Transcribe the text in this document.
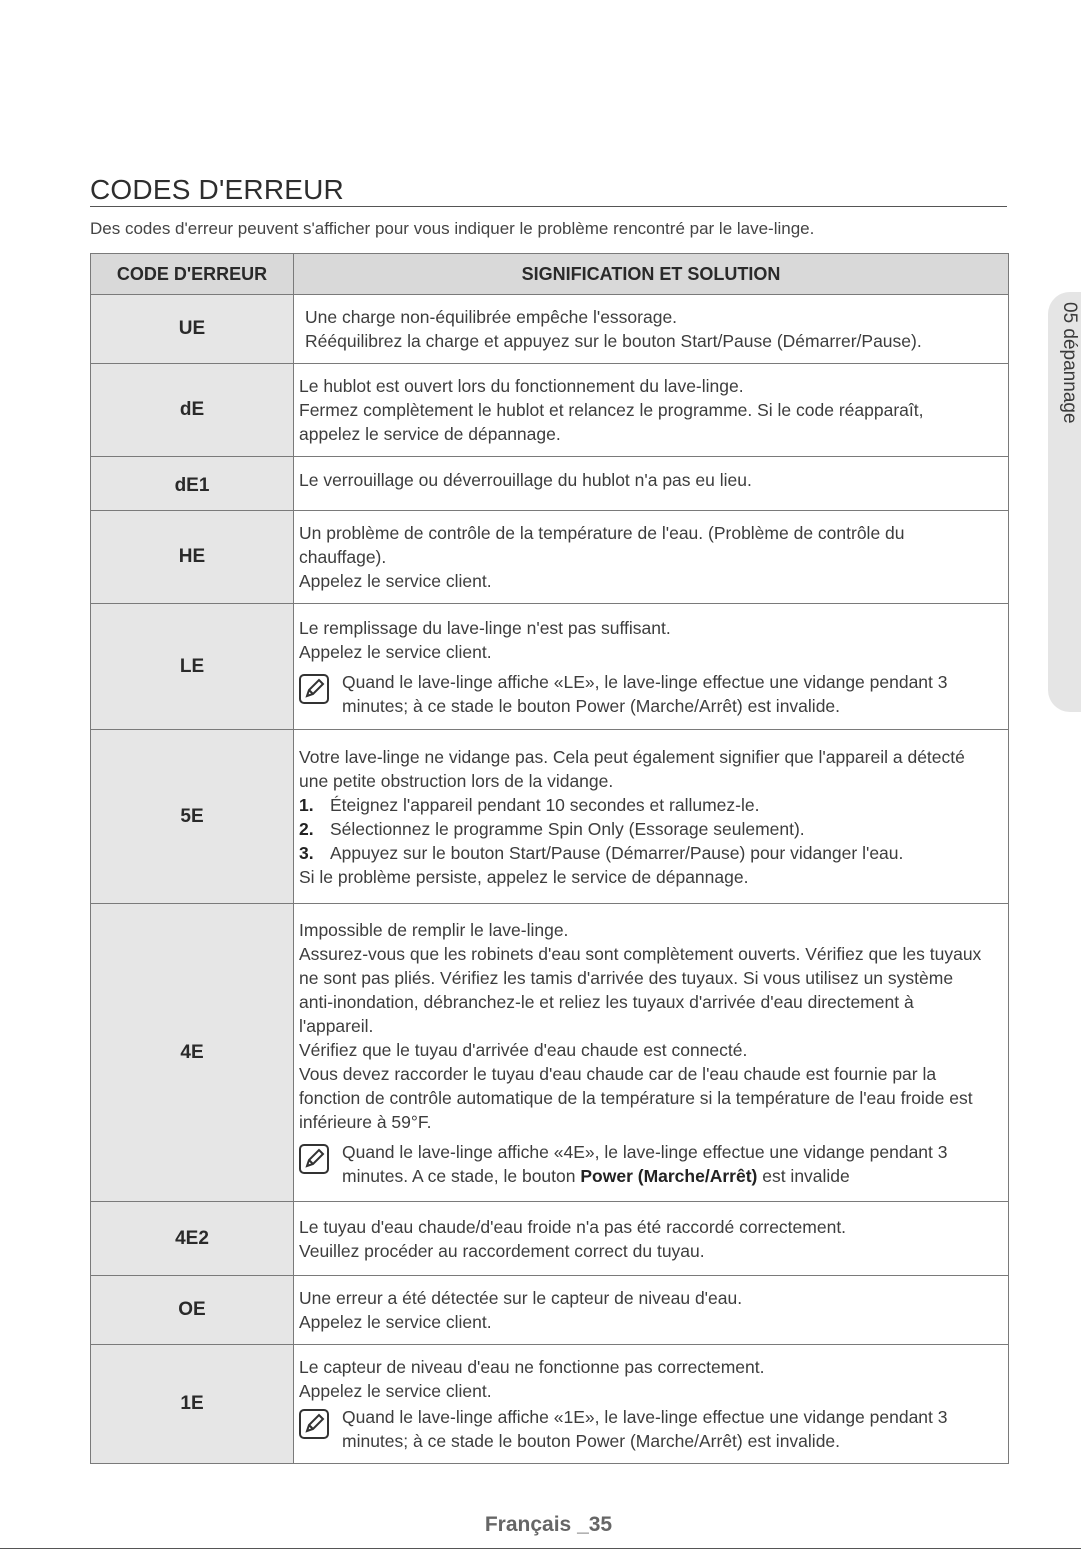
CODES D'ERREUR
Des codes d'erreur peuvent s'afficher pour vous indiquer le problème rencontré par le lave-linge.
CODE D'ERREUR	SIGNIFICATION ET SOLUTION
UE	Une charge non-équilibrée empêche l'essorage.

Rééquilibrez la charge et appuyez sur le bouton Start/Pause (Démarrer/Pause).

dE	Le hublot est ouvert lors du fonctionnement du lave-linge.

Fermez complètement le hublot et relancez le programme. Si le code réapparaît, appelez le service de dépannage.

dE1	Le verrouillage ou déverrouillage du hublot n'a pas eu lieu.

HE	Un problème de contrôle de la température de l'eau. (Problème de contrôle du chauffage).

Appelez le service client.

LE	Le remplissage du lave-linge n'est pas suffisant.

Appelez le service client.

Quand le lave-linge affiche «LE», le lave-linge effectue une vidange pendant 3 minutes; à ce stade le bouton Power (Marche/Arrêt) est invalide.

5E	Votre lave-linge ne vidange pas. Cela peut également signifier que l'appareil a détecté une petite obstruction lors de la vidange.

1. Éteignez l'appareil pendant 10 secondes et rallumez-le.

2. Sélectionnez le programme Spin Only (Essorage seulement).

3. Appuyez sur le bouton Start/Pause (Démarrer/Pause) pour vidanger l'eau.

Si le problème persiste, appelez le service de dépannage.

4E	Impossible de remplir le lave-linge.

Assurez-vous que les robinets d'eau sont complètement ouverts. Vérifiez que les tuyaux ne sont pas pliés. Vérifiez les tamis d'arrivée des tuyaux. Si vous utilisez un système anti-inondation, débranchez-le et reliez les tuyaux d'arrivée d'eau directement à l'appareil.

Vérifiez que le tuyau d'arrivée d'eau chaude est connecté.

Vous devez raccorder le tuyau d'eau chaude car de l'eau chaude est fournie par la fonction de contrôle automatique de la température si la température de l'eau froide est inférieure à 59°F.

Quand le lave-linge affiche «4E», le lave-linge effectue une vidange pendant 3 minutes. A ce stade, le bouton Power (Marche/Arrêt) est invalide

4E2	Le tuyau d'eau chaude/d'eau froide n'a pas été raccordé correctement.

Veuillez procéder au raccordement correct du tuyau.

OE	Une erreur a été détectée sur le capteur de niveau d'eau.

Appelez le service client.

1E	Le capteur de niveau d'eau ne fonctionne pas correctement.

Appelez le service client.

Quand le lave-linge affiche «1E», le lave-linge effectue une vidange pendant 3 minutes; à ce stade le bouton Power (Marche/Arrêt) est invalide.
05 dépannage
Français _35
